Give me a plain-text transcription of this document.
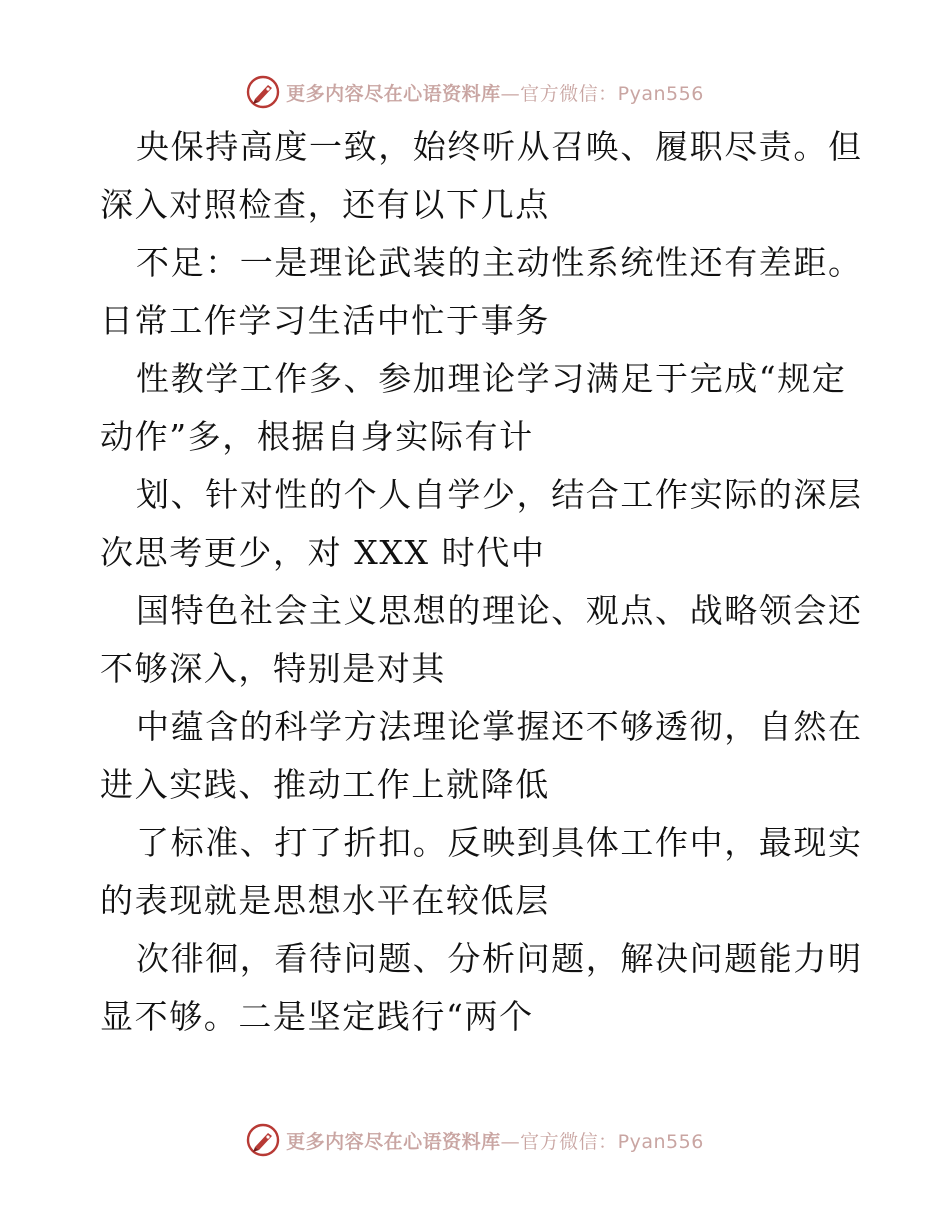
更多内容尽在心语资料库—官方微信：Pyan556

央保持高度一致，始终听从召唤、履职尽责。但
深入对照检查，还有以下几点

不足：一是理论武装的主动性系统性还有差距。
日常工作学习生活中忙于事务

性教学工作多、参加理论学习满足于完成“规定
动作”多，根据自身实际有计

划、针对性的个人自学少，结合工作实际的深层
次思考更少，对 XXX 时代中

国特色社会主义思想的理论、观点、战略领会还
不够深入，特别是对其

中蕴含的科学方法理论掌握还不够透彻，自然在
进入实践、推动工作上就降低

了标准、打了折扣。反映到具体工作中，最现实
的表现就是思想水平在较低层

次徘徊，看待问题、分析问题，解决问题能力明
显不够。二是坚定践行“两个

更多内容尽在心语资料库—官方微信：Pyan556
